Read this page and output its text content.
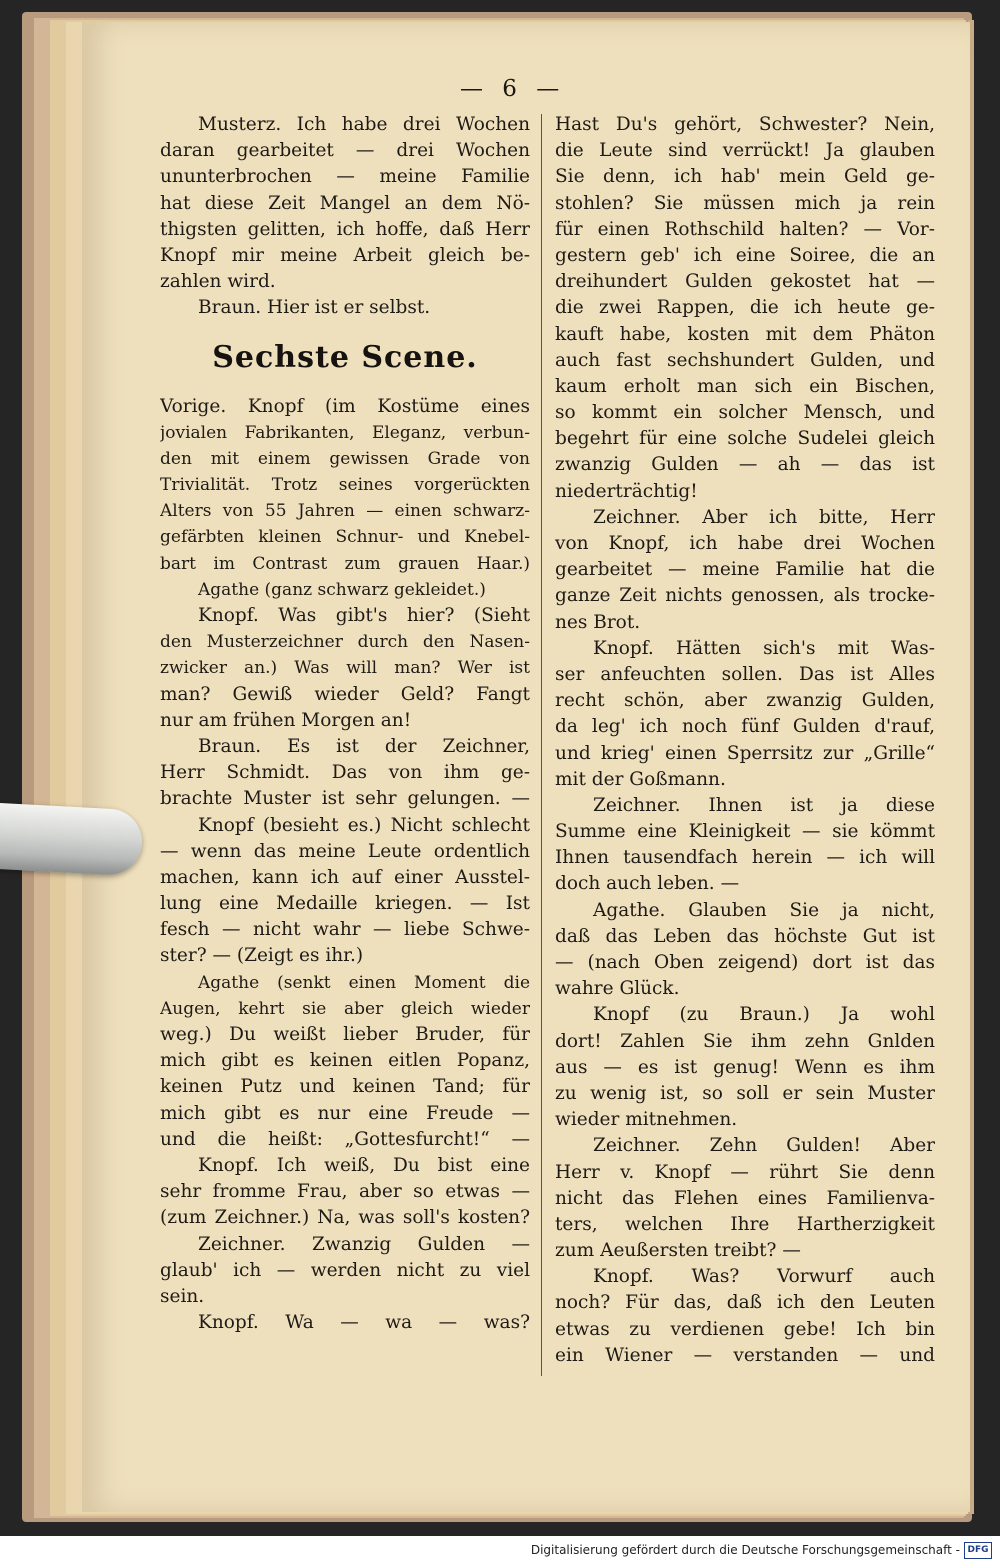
— 6 —
Musterz. Ich habe drei Wochen
daran gearbeitet — drei Wochen
ununterbrochen — meine Familie
hat diese Zeit Mangel an dem Nö-
thigsten gelitten, ich hoffe, daß Herr
Knopf mir meine Arbeit gleich be-
zahlen wird.
Braun. Hier ist er selbst.
Sechste Scene.
Vorige. Knopf (im Kostüme eines
jovialen Fabrikanten, Eleganz, verbun-
den mit einem gewissen Grade von
Trivialität. Trotz seines vorgerückten
Alters von 55 Jahren — einen schwarz-
gefärbten kleinen Schnur- und Knebel-
bart im Contrast zum grauen Haar.)
Agathe (ganz schwarz gekleidet.)
Knopf. Was gibt's hier? (Sieht
den Musterzeichner durch den Nasen-
zwicker an.) Was will man? Wer ist
man? Gewiß wieder Geld? Fangt
nur am frühen Morgen an!
Braun. Es ist der Zeichner,
Herr Schmidt. Das von ihm ge-
brachte Muster ist sehr gelungen. —
Knopf (besieht es.) Nicht schlecht
— wenn das meine Leute ordentlich
machen, kann ich auf einer Ausstel-
lung eine Medaille kriegen. — Ist
fesch — nicht wahr — liebe Schwe-
ster? — (Zeigt es ihr.)
Agathe (senkt einen Moment die
Augen, kehrt sie aber gleich wieder
weg.) Du weißt lieber Bruder, für
mich gibt es keinen eitlen Popanz,
keinen Putz und keinen Tand; für
mich gibt es nur eine Freude —
und die heißt: „Gottesfurcht!“ —
Knopf. Ich weiß, Du bist eine
sehr fromme Frau, aber so etwas —
(zum Zeichner.) Na, was soll's kosten?
Zeichner. Zwanzig Gulden —
glaub' ich — werden nicht zu viel
sein.
Knopf. Wa — wa — was?
Hast Du's gehört, Schwester? Nein,
die Leute sind verrückt! Ja glauben
Sie denn, ich hab' mein Geld ge-
stohlen? Sie müssen mich ja rein
für einen Rothschild halten? — Vor-
gestern geb' ich eine Soiree, die an
dreihundert Gulden gekostet hat —
die zwei Rappen, die ich heute ge-
kauft habe, kosten mit dem Phäton
auch fast sechshundert Gulden, und
kaum erholt man sich ein Bischen,
so kommt ein solcher Mensch, und
begehrt für eine solche Sudelei gleich
zwanzig Gulden — ah — das ist
niederträchtig!
Zeichner. Aber ich bitte, Herr
von Knopf, ich habe drei Wochen
gearbeitet — meine Familie hat die
ganze Zeit nichts genossen, als trocke-
nes Brot.
Knopf. Hätten sich's mit Was-
ser anfeuchten sollen. Das ist Alles
recht schön, aber zwanzig Gulden,
da leg' ich noch fünf Gulden d'rauf,
und krieg' einen Sperrsitz zur „Grille“
mit der Goßmann.
Zeichner. Ihnen ist ja diese
Summe eine Kleinigkeit — sie kömmt
Ihnen tausendfach herein — ich will
doch auch leben. —
Agathe. Glauben Sie ja nicht,
daß das Leben das höchste Gut ist
— (nach Oben zeigend) dort ist das
wahre Glück.
Knopf (zu Braun.) Ja wohl
dort! Zahlen Sie ihm zehn Gnlden
aus — es ist genug! Wenn es ihm
zu wenig ist, so soll er sein Muster
wieder mitnehmen.
Zeichner. Zehn Gulden! Aber
Herr v. Knopf — rührt Sie denn
nicht das Flehen eines Familienva-
ters, welchen Ihre Hartherzigkeit
zum Aeußersten treibt? —
Knopf. Was? Vorwurf auch
noch? Für das, daß ich den Leuten
etwas zu verdienen gebe! Ich bin
ein Wiener — verstanden — und
Digitalisierung gefördert durch die Deutsche Forschungsgemeinschaft - DFG
